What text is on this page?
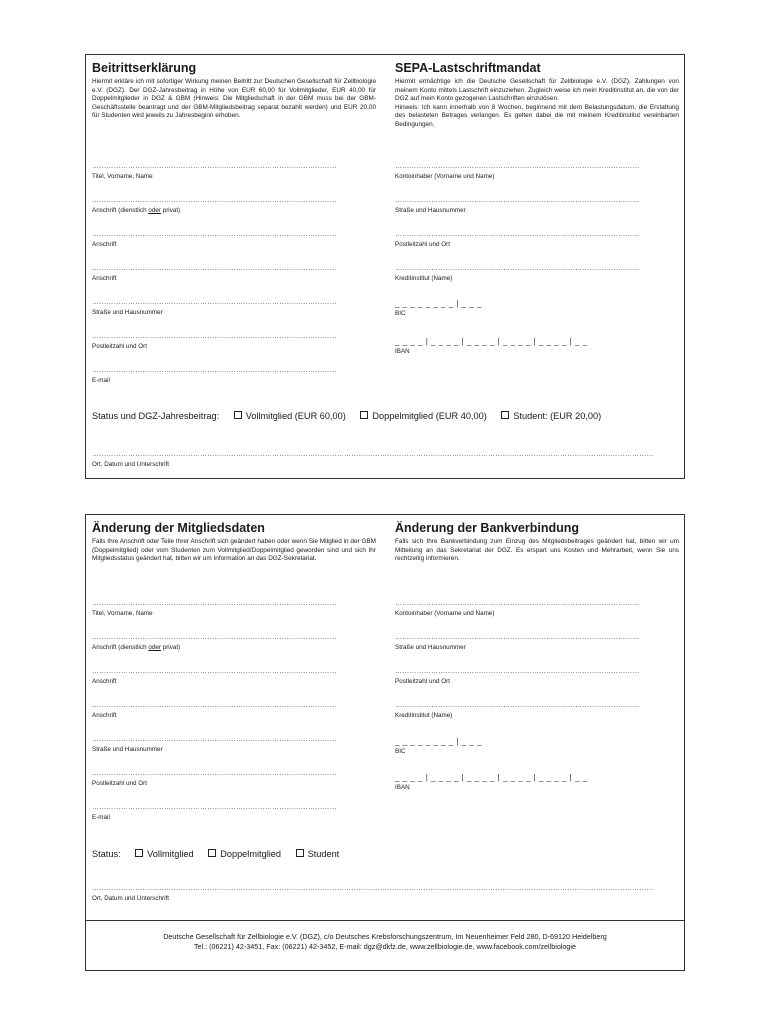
Beitrittserklärung

Hiermit erkläre ich mit sofortiger Wirkung meinen Beitritt zur Deutschen Gesellschaft für Zellbiologie e.V. (DGZ). Der DGZ-Jahresbeitrag in Höhe von EUR 60,00 für Vollmitglieder, EUR 40,00 für Doppelmitglieder in DGZ & GBM (Hinweis: Die Mitgliedschaft in der GBM muss bei der GBM-Geschäftsstelle beantragt und der GBM-Mitgliedsbeitrag separat bezahlt werden) und EUR 20,00 für Studenten wird jeweils zu Jahresbeginn erhoben.

…………………………………………………………………………………………
Titel, Vorname, Name
…………………………………………………………………………………………
Anschrift (dienstlich oder privat)
…………………………………………………………………………………………
Anschrift
…………………………………………………………………………………………
Anschrift
…………………………………………………………………………………………
Straße und Hausnummer
…………………………………………………………………………………………
Postleitzahl und Ort
…………………………………………………………………………………………
E-mail
SEPA-Lastschriftmandat

Hiermit ermächtige ich die Deutsche Gesellschaft für Zellbiologie e.V. (DGZ), Zahlungen von meinem Konto mittels Lastschrift einzuziehen. Zugleich weise ich mein Kreditinstitut an, die von der DGZ auf mein Konto gezogenen Lastschriften einzulösen.

Hinweis: Ich kann innerhalb von 8 Wochen, beginnend mit dem Belastungsdatum, die Erstattung des belasteten Betrages verlangen. Es gelten dabei die mit meinem Kreditinstitut vereinbarten Bedingungen.

…………………………………………………………………………………………
Kontoinhaber (Vorname und Name)
…………………………………………………………………………………………
Straße und Hausnummer
…………………………………………………………………………………………
Postleitzahl und Ort
…………………………………………………………………………………………
Kreditinstitut (Name)
_ _ _ _ _ _ _ _ | _ _ _
BIC
_ _ _ _ | _ _ _ _ | _ _ _ _ | _ _ _ _ | _ _ _ _ | _ _
IBAN
Status und DGZ-Jahresbeitrag:	Vollmitglied (EUR 60,00)	Doppelmitglied (EUR 40,00)	Student: (EUR 20,00)
………………………………………………………………………………………………………………………………………………………………………………………………………………
Ort, Datum und Unterschrift
Änderung der Mitgliedsdaten

Falls Ihre Anschrift oder Teile Ihrer Anschrift sich geändert haben oder wenn Sie Mitglied in der GBM (Doppelmitglied) oder vom Studenten zum Vollmitglied/Doppelmitglied geworden sind und sich Ihr Mitgliedsstatus geändert hat, bitten wir um Information an das DGZ-Sekretariat.

…………………………………………………………………………………………
Titel, Vorname, Name
…………………………………………………………………………………………
Anschrift (dienstlich oder privat)
…………………………………………………………………………………………
Anschrift
…………………………………………………………………………………………
Anschrift
…………………………………………………………………………………………
Straße und Hausnummer
…………………………………………………………………………………………
Postleitzahl und Ort
…………………………………………………………………………………………
E-mail
Änderung der Bankverbindung

Falls sich Ihre Bankverbindung zum Einzug des Mitgliedsbeitrages geändert hat, bitten wir um Mitteilung an das Sekretariat der DGZ. Es erspart uns Kosten und Mehrarbeit, wenn Sie uns rechtzeitig informieren.

…………………………………………………………………………………………
Kontoinhaber (Vorname und Name)
…………………………………………………………………………………………
Straße und Hausnummer
…………………………………………………………………………………………
Postleitzahl und Ort
…………………………………………………………………………………………
Kreditinstitut (Name)
_ _ _ _ _ _ _ _ | _ _ _
BIC
_ _ _ _ | _ _ _ _ | _ _ _ _ | _ _ _ _ | _ _ _ _ | _ _
IBAN
Status:	Vollmitglied	Doppelmitglied	Student
………………………………………………………………………………………………………………………………………………………………………………………………………………
Ort, Datum und Unterschrift
Deutsche Gesellschaft für Zellbiologie e.V. (DGZ), c/o Deutsches Krebsforschungszentrum, Im Neuenheimer Feld 280, D-69120 Heidelberg
Tel.: (06221) 42-3451, Fax: (06221) 42-3452, E-mail: dgz@dkfz.de, www.zellbiologie.de, www.facebook.com/zellbiologie
